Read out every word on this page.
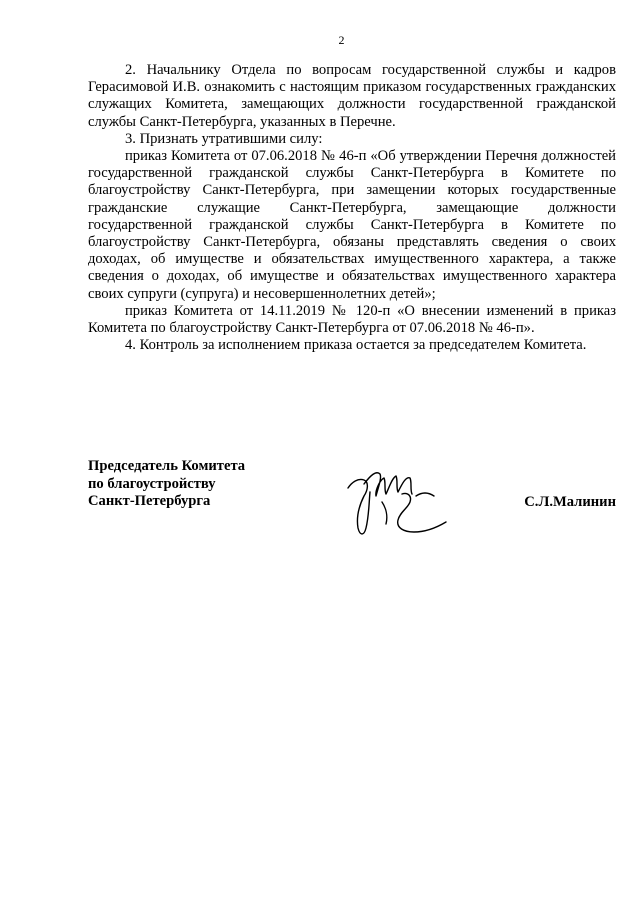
2

2. Начальнику Отдела по вопросам государственной службы и кадров Герасимовой И.В. ознакомить с настоящим приказом государственных гражданских служащих Комитета, замещающих должности государственной гражданской службы Санкт-Петербурга, указанных в Перечне.

3. Признать утратившими силу:

приказ Комитета от 07.06.2018 № 46-п «Об утверждении Перечня должностей государственной гражданской службы Санкт-Петербурга в Комитете по благоустройству Санкт-Петербурга, при замещении которых государственные гражданские служащие Санкт-Петербурга, замещающие должности государственной гражданской службы Санкт-Петербурга в Комитете по благоустройству Санкт-Петербурга, обязаны представлять сведения о своих доходах, об имуществе и обязательствах имущественного характера, а также сведения о доходах, об имуществе и обязательствах имущественного характера своих супруги (супруга) и несовершеннолетних детей»;

приказ Комитета от 14.11.2019 № 120-п «О внесении изменений в приказ Комитета по благоустройству Санкт-Петербурга от 07.06.2018 № 46-п».

4. Контроль за исполнением приказа остается за председателем Комитета.

Председатель Комитета
по благоустройству
Санкт-Петербурга	С.Л.Малинин
